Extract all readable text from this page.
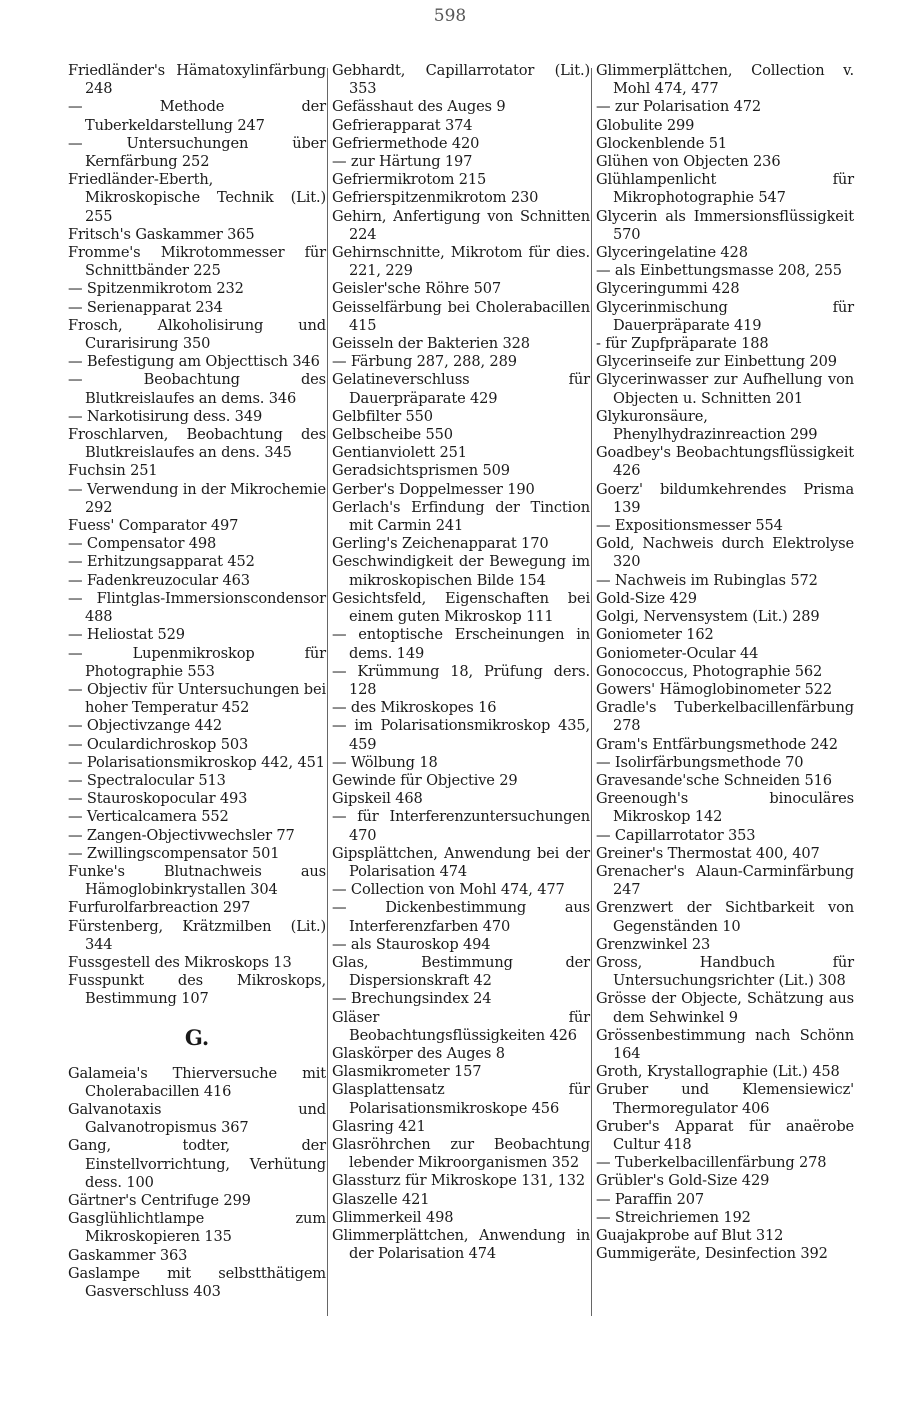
598

Friedländer's Hämatoxylinfärbung 248

— Methode der Tuberkeldarstellung 247

— Untersuchungen über Kernfärbung 252

Friedländer-Eberth, Mikroskopische Technik (Lit.) 255

Fritsch's Gaskammer 365

Fromme's Mikrotommesser für Schnittbänder 225

— Spitzenmikrotom 232

— Serienapparat 234

Frosch, Alkoholisirung und Curarisirung 350

— Befestigung am Objecttisch 346

— Beobachtung des Blutkreislaufes an dems. 346

— Narkotisirung dess. 349

Froschlarven, Beobachtung des Blutkreislaufes an dens. 345

Fuchsin 251

— Verwendung in der Mikrochemie 292

Fuess' Comparator 497

— Compensator 498

— Erhitzungsapparat 452

— Fadenkreuzocular 463

— Flintglas-Immersionscondensor 488

— Heliostat 529

— Lupenmikroskop für Photographie 553

— Objectiv für Untersuchungen bei hoher Temperatur 452

— Objectivzange 442

— Oculardichroskop 503

— Polarisationsmikroskop 442, 451

— Spectralocular 513

— Stauroskopocular 493

— Verticalcamera 552

— Zangen-Objectivwechsler 77

— Zwillingscompensator 501

Funke's Blutnachweis aus Hämoglobinkrystallen 304

Furfurolfarbreaction 297

Fürstenberg, Krätzmilben (Lit.) 344

Fussgestell des Mikroskops 13

Fusspunkt des Mikroskops, Bestimmung 107

G.

Galameia's Thierversuche mit Cholerabacillen 416

Galvanotaxis und Galvanotropismus 367

Gang, todter, der Einstellvorrichtung, Verhütung dess. 100

Gärtner's Centrifuge 299

Gasglühlichtlampe zum Mikroskopieren 135

Gaskammer 363

Gaslampe mit selbstthätigem Gasverschluss 403

Gebhardt, Capillarrotator (Lit.) 353

Gefässhaut des Auges 9

Gefrierapparat 374

Gefriermethode 420

— zur Härtung 197

Gefriermikrotom 215

Gefrierspitzenmikrotom 230

Gehirn, Anfertigung von Schnitten 224

Gehirnschnitte, Mikrotom für dies. 221, 229

Geisler'sche Röhre 507

Geisselfärbung bei Cholerabacillen 415

Geisseln der Bakterien 328

— Färbung 287, 288, 289

Gelatineverschluss für Dauerpräparate 429

Gelbfilter 550

Gelbscheibe 550

Gentianviolett 251

Geradsichtsprismen 509

Gerber's Doppelmesser 190

Gerlach's Erfindung der Tinction mit Carmin 241

Gerling's Zeichenapparat 170

Geschwindigkeit der Bewegung im mikroskopischen Bilde 154

Gesichtsfeld, Eigenschaften bei einem guten Mikroskop 111

— entoptische Erscheinungen in dems. 149

— Krümmung 18, Prüfung ders. 128

— des Mikroskopes 16

— im Polarisationsmikroskop 435, 459

— Wölbung 18

Gewinde für Objective 29

Gipskeil 468

— für Interferenzuntersuchungen 470

Gipsplättchen, Anwendung bei der Polarisation 474

— Collection von Mohl 474, 477

— Dickenbestimmung aus Interferenzfarben 470

— als Stauroskop 494

Glas, Bestimmung der Dispersionskraft 42

— Brechungsindex 24

Gläser für Beobachtungsflüssigkeiten 426

Glaskörper des Auges 8

Glasmikrometer 157

Glasplattensatz für Polarisationsmikroskope 456

Glasring 421

Glasröhrchen zur Beobachtung lebender Mikroorganismen 352

Glassturz für Mikroskope 131, 132

Glaszelle 421

Glimmerkeil 498

Glimmerplättchen, Anwendung in der Polarisation 474

Glimmerplättchen, Collection v. Mohl 474, 477

— zur Polarisation 472

Globulite 299

Glockenblende 51

Glühen von Objecten 236

Glühlampenlicht für Mikrophotographie 547

Glycerin als Immersionsflüssigkeit 570

Glyceringelatine 428

— als Einbettungsmasse 208, 255

Glyceringummi 428

Glycerinmischung für Dauerpräparate 419

- für Zupfpräparate 188

Glycerinseife zur Einbettung 209

Glycerinwasser zur Aufhellung von Objecten u. Schnitten 201

Glykuronsäure, Phenylhydrazinreaction 299

Goadbey's Beobachtungsflüssigkeit 426

Goerz' bildumkehrendes Prisma 139

— Expositionsmesser 554

Gold, Nachweis durch Elektrolyse 320

— Nachweis im Rubinglas 572

Gold-Size 429

Golgi, Nervensystem (Lit.) 289

Goniometer 162

Goniometer-Ocular 44

Gonococcus, Photographie 562

Gowers' Hämoglobinometer 522

Gradle's Tuberkelbacillenfärbung 278

Gram's Entfärbungsmethode 242

— Isolirfärbungsmethode 70

Gravesande'sche Schneiden 516

Greenough's binoculäres Mikroskop 142

— Capillarrotator 353

Greiner's Thermostat 400, 407

Grenacher's Alaun-Carminfärbung 247

Grenzwert der Sichtbarkeit von Gegenständen 10

Grenzwinkel 23

Gross, Handbuch für Untersuchungsrichter (Lit.) 308

Grösse der Objecte, Schätzung aus dem Sehwinkel 9

Grössenbestimmung nach Schönn 164

Groth, Krystallographie (Lit.) 458

Gruber und Klemensiewicz' Thermoregulator 406

Gruber's Apparat für anaërobe Cultur 418

— Tuberkelbacillenfärbung 278

Grübler's Gold-Size 429

— Paraffin 207

— Streichriemen 192

Guajakprobe auf Blut 312

Gummigeräte, Desinfection 392
